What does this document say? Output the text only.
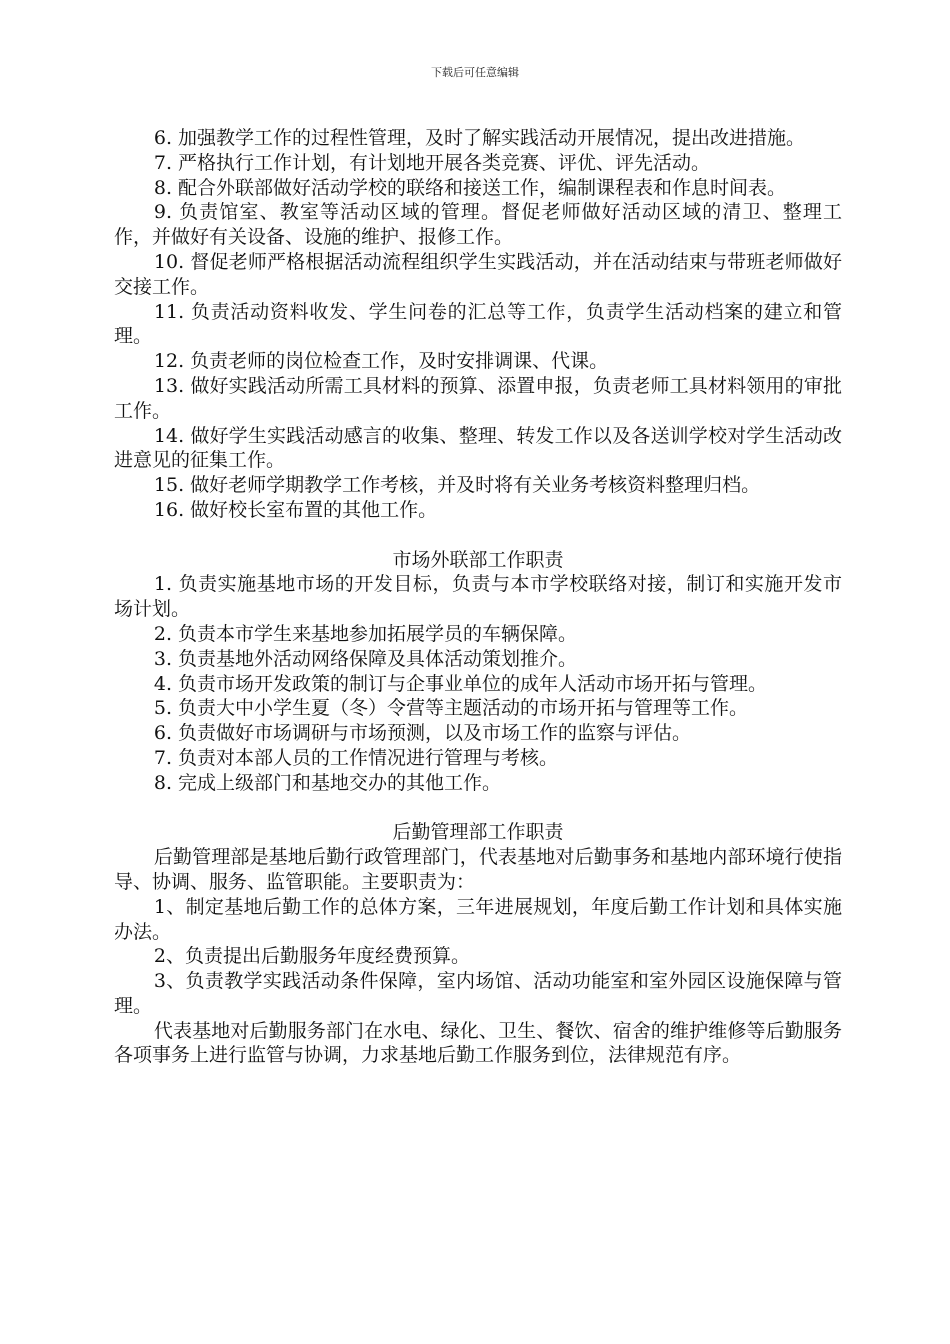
下载后可任意编辑

6. 加强教学工作的过程性管理，及时了解实践活动开展情况，提出改进措施。

7. 严格执行工作计划，有计划地开展各类竞赛、评优、评先活动。

8. 配合外联部做好活动学校的联络和接送工作，编制课程表和作息时间表。

9. 负责馆室、教室等活动区域的管理。督促老师做好活动区域的清卫、整理工作，并做好有关设备、设施的维护、报修工作。

10. 督促老师严格根据活动流程组织学生实践活动，并在活动结束与带班老师做好交接工作。

11. 负责活动资料收发、学生问卷的汇总等工作，负责学生活动档案的建立和管理。

12. 负责老师的岗位检查工作，及时安排调课、代课。

13. 做好实践活动所需工具材料的预算、添置申报，负责老师工具材料领用的审批工作。

14. 做好学生实践活动感言的收集、整理、转发工作以及各送训学校对学生活动改进意见的征集工作。

15. 做好老师学期教学工作考核，并及时将有关业务考核资料整理归档。

16. 做好校长室布置的其他工作。

市场外联部工作职责

1. 负责实施基地市场的开发目标，负责与本市学校联络对接，制订和实施开发市场计划。

2. 负责本市学生来基地参加拓展学员的车辆保障。

3. 负责基地外活动网络保障及具体活动策划推介。

4. 负责市场开发政策的制订与企事业单位的成年人活动市场开拓与管理。

5. 负责大中小学生夏（冬）令营等主题活动的市场开拓与管理等工作。

6. 负责做好市场调研与市场预测，以及市场工作的监察与评估。

7. 负责对本部人员的工作情况进行管理与考核。

8. 完成上级部门和基地交办的其他工作。

后勤管理部工作职责

后勤管理部是基地后勤行政管理部门，代表基地对后勤事务和基地内部环境行使指导、协调、服务、监管职能。主要职责为：

1、制定基地后勤工作的总体方案，三年进展规划，年度后勤工作计划和具体实施办法。

2、负责提出后勤服务年度经费预算。

3、负责教学实践活动条件保障，室内场馆、活动功能室和室外园区设施保障与管理。

代表基地对后勤服务部门在水电、绿化、卫生、餐饮、宿舍的维护维修等后勤服务各项事务上进行监管与协调，力求基地后勤工作服务到位，法律规范有序。
